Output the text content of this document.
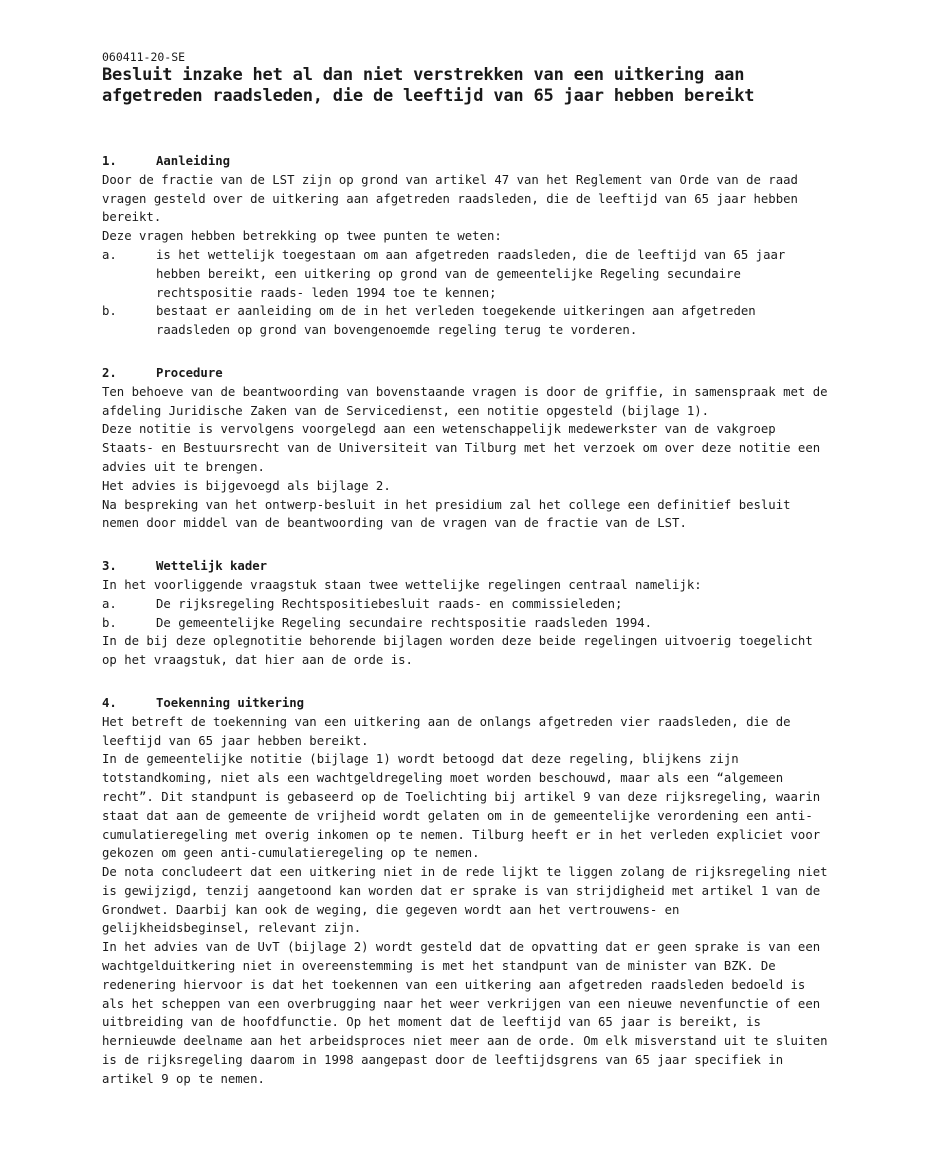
060411-20-SE

Besluit inzake het al dan niet verstrekken van een uitkering aan afgetreden raadsleden, die de leeftijd van 65 jaar hebben bereikt
1.	Aanleiding

Door de fractie van de LST zijn op grond van artikel 47 van het Reglement van Orde van de raad vragen gesteld over de uitkering aan afgetreden raadsleden, die de leeftijd van 65 jaar hebben bereikt.

Deze vragen hebben betrekking op twee punten te weten:

a.	is het wettelijk toegestaan om aan afgetreden raadsleden, die de leeftijd van 65 jaar hebben bereikt, een uitkering op grond van de gemeentelijke Regeling secundaire rechtspositie raads- leden 1994 toe te kennen;
b.	bestaat er aanleiding om de in het verleden toegekende uitkeringen aan afgetreden raadsleden op grond van bovengenoemde regeling terug te vorderen.
2.	Procedure

Ten behoeve van de beantwoording van bovenstaande vragen is door de griffie, in samenspraak met de afdeling Juridische Zaken van de Servicedienst, een notitie opgesteld (bijlage 1).

Deze notitie is vervolgens voorgelegd aan een wetenschappelijk medewerkster van de vakgroep Staats- en Bestuursrecht van de Universiteit van Tilburg met het verzoek om over deze notitie een advies uit te brengen.

Het advies is bijgevoegd als bijlage 2.

Na bespreking van het ontwerp-besluit in het presidium zal het college een definitief besluit nemen door middel van de beantwoording van de vragen van de fractie van de LST.

3.	Wettelijk kader

In het voorliggende vraagstuk staan twee wettelijke regelingen centraal namelijk:

a.	De rijksregeling Rechtspositiebesluit raads- en commissieleden;
b.	De gemeentelijke Regeling secundaire rechtspositie raadsleden 1994.

In de bij deze oplegnotitie behorende bijlagen worden deze beide regelingen uitvoerig toegelicht op het vraagstuk, dat hier aan de orde is.

4.	Toekenning uitkering

Het betreft de toekenning van een uitkering aan de onlangs afgetreden vier raadsleden, die de leeftijd van 65 jaar hebben bereikt.

In de gemeentelijke notitie (bijlage 1) wordt betoogd dat deze regeling, blijkens zijn totstandkoming, niet als een wachtgeldregeling moet worden beschouwd, maar als een “algemeen recht”. Dit standpunt is gebaseerd op de Toelichting bij artikel 9 van deze rijksregeling, waarin staat dat aan de gemeente de vrijheid wordt gelaten om in de gemeentelijke verordening een anti-cumulatieregeling met overig inkomen op te nemen. Tilburg heeft er in het verleden expliciet voor gekozen om geen anti-cumulatieregeling op te nemen.

De nota concludeert dat een uitkering niet in de rede lijkt te liggen zolang de rijksregeling niet is gewijzigd, tenzij aangetoond kan worden dat er sprake is van strijdigheid met artikel 1 van de Grondwet. Daarbij kan ook de weging, die gegeven wordt aan het vertrouwens- en gelijkheidsbeginsel, relevant zijn.

In het advies van de UvT (bijlage 2) wordt gesteld dat de opvatting dat er geen sprake is van een wachtgelduitkering niet in overeenstemming is met het standpunt van de minister van BZK. De redenering hiervoor is dat het toekennen van een uitkering aan afgetreden raadsleden bedoeld is als het scheppen van een overbrugging naar het weer verkrijgen van een nieuwe nevenfunctie of een uitbreiding van de hoofdfunctie. Op het moment dat de leeftijd van 65 jaar is bereikt, is hernieuwde deelname aan het arbeidsproces niet meer aan de orde. Om elk misverstand uit te sluiten is de rijksregeling daarom in 1998 aangepast door de leeftijdsgrens van 65 jaar specifiek in artikel 9 op te nemen.
